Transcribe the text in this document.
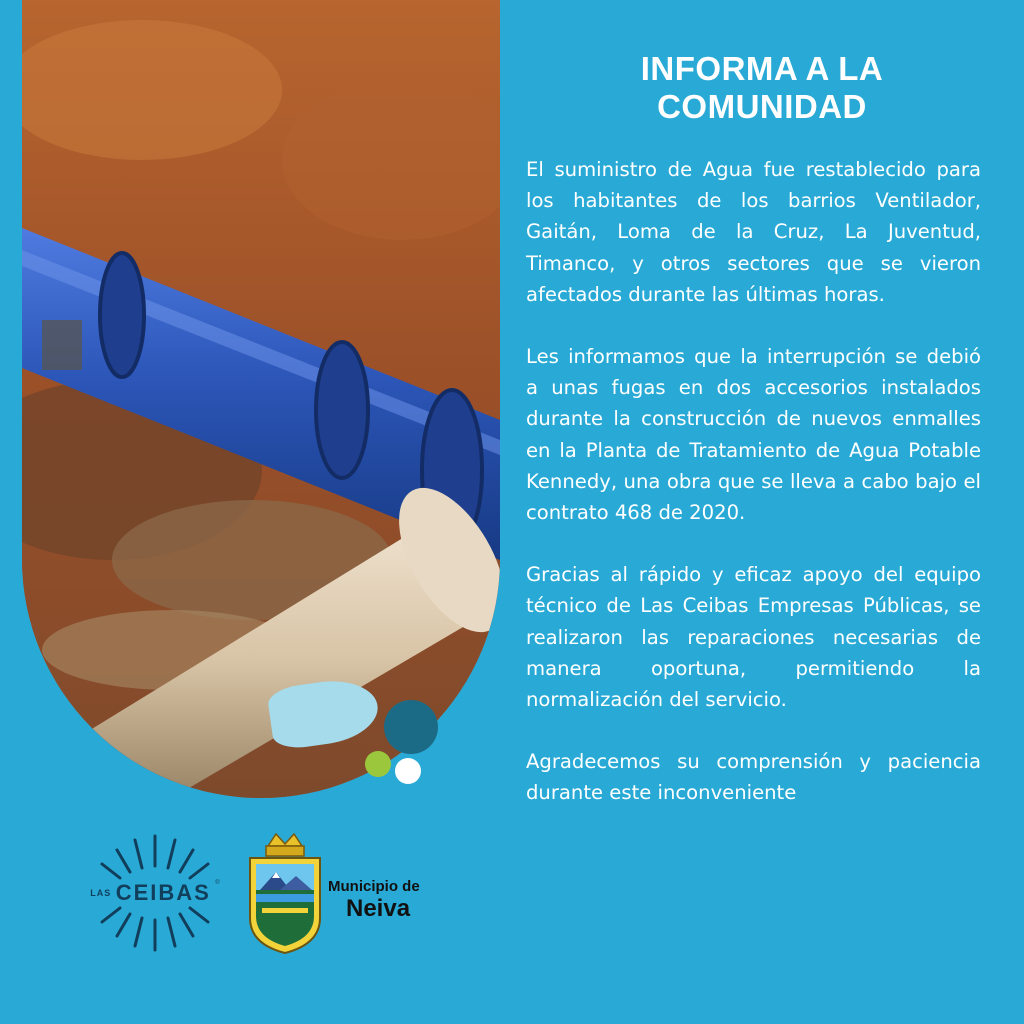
INFORMA A LA
COMUNIDAD

El suministro de Agua fue restablecido para los habitantes de los barrios Ventilador, Gaitán, Loma de la Cruz, La Juventud, Timanco, y otros sectores que se vieron afectados durante las últimas horas.

Les informamos que la interrupción se debió a unas fugas en dos accesorios instalados durante la construcción de nuevos enmalles en la Planta de Tratamiento de Agua Potable Kennedy, una obra que se lleva a cabo bajo el contrato 468 de 2020.

Gracias al rápido y eficaz apoyo del equipo técnico de Las Ceibas Empresas Públicas, se realizaron las reparaciones necesarias de manera oportuna, permitiendo la normalización del servicio.

Agradecemos su comprensión y paciencia durante este inconveniente

LAS CEIBAS ®	Municipio de
Neiva
